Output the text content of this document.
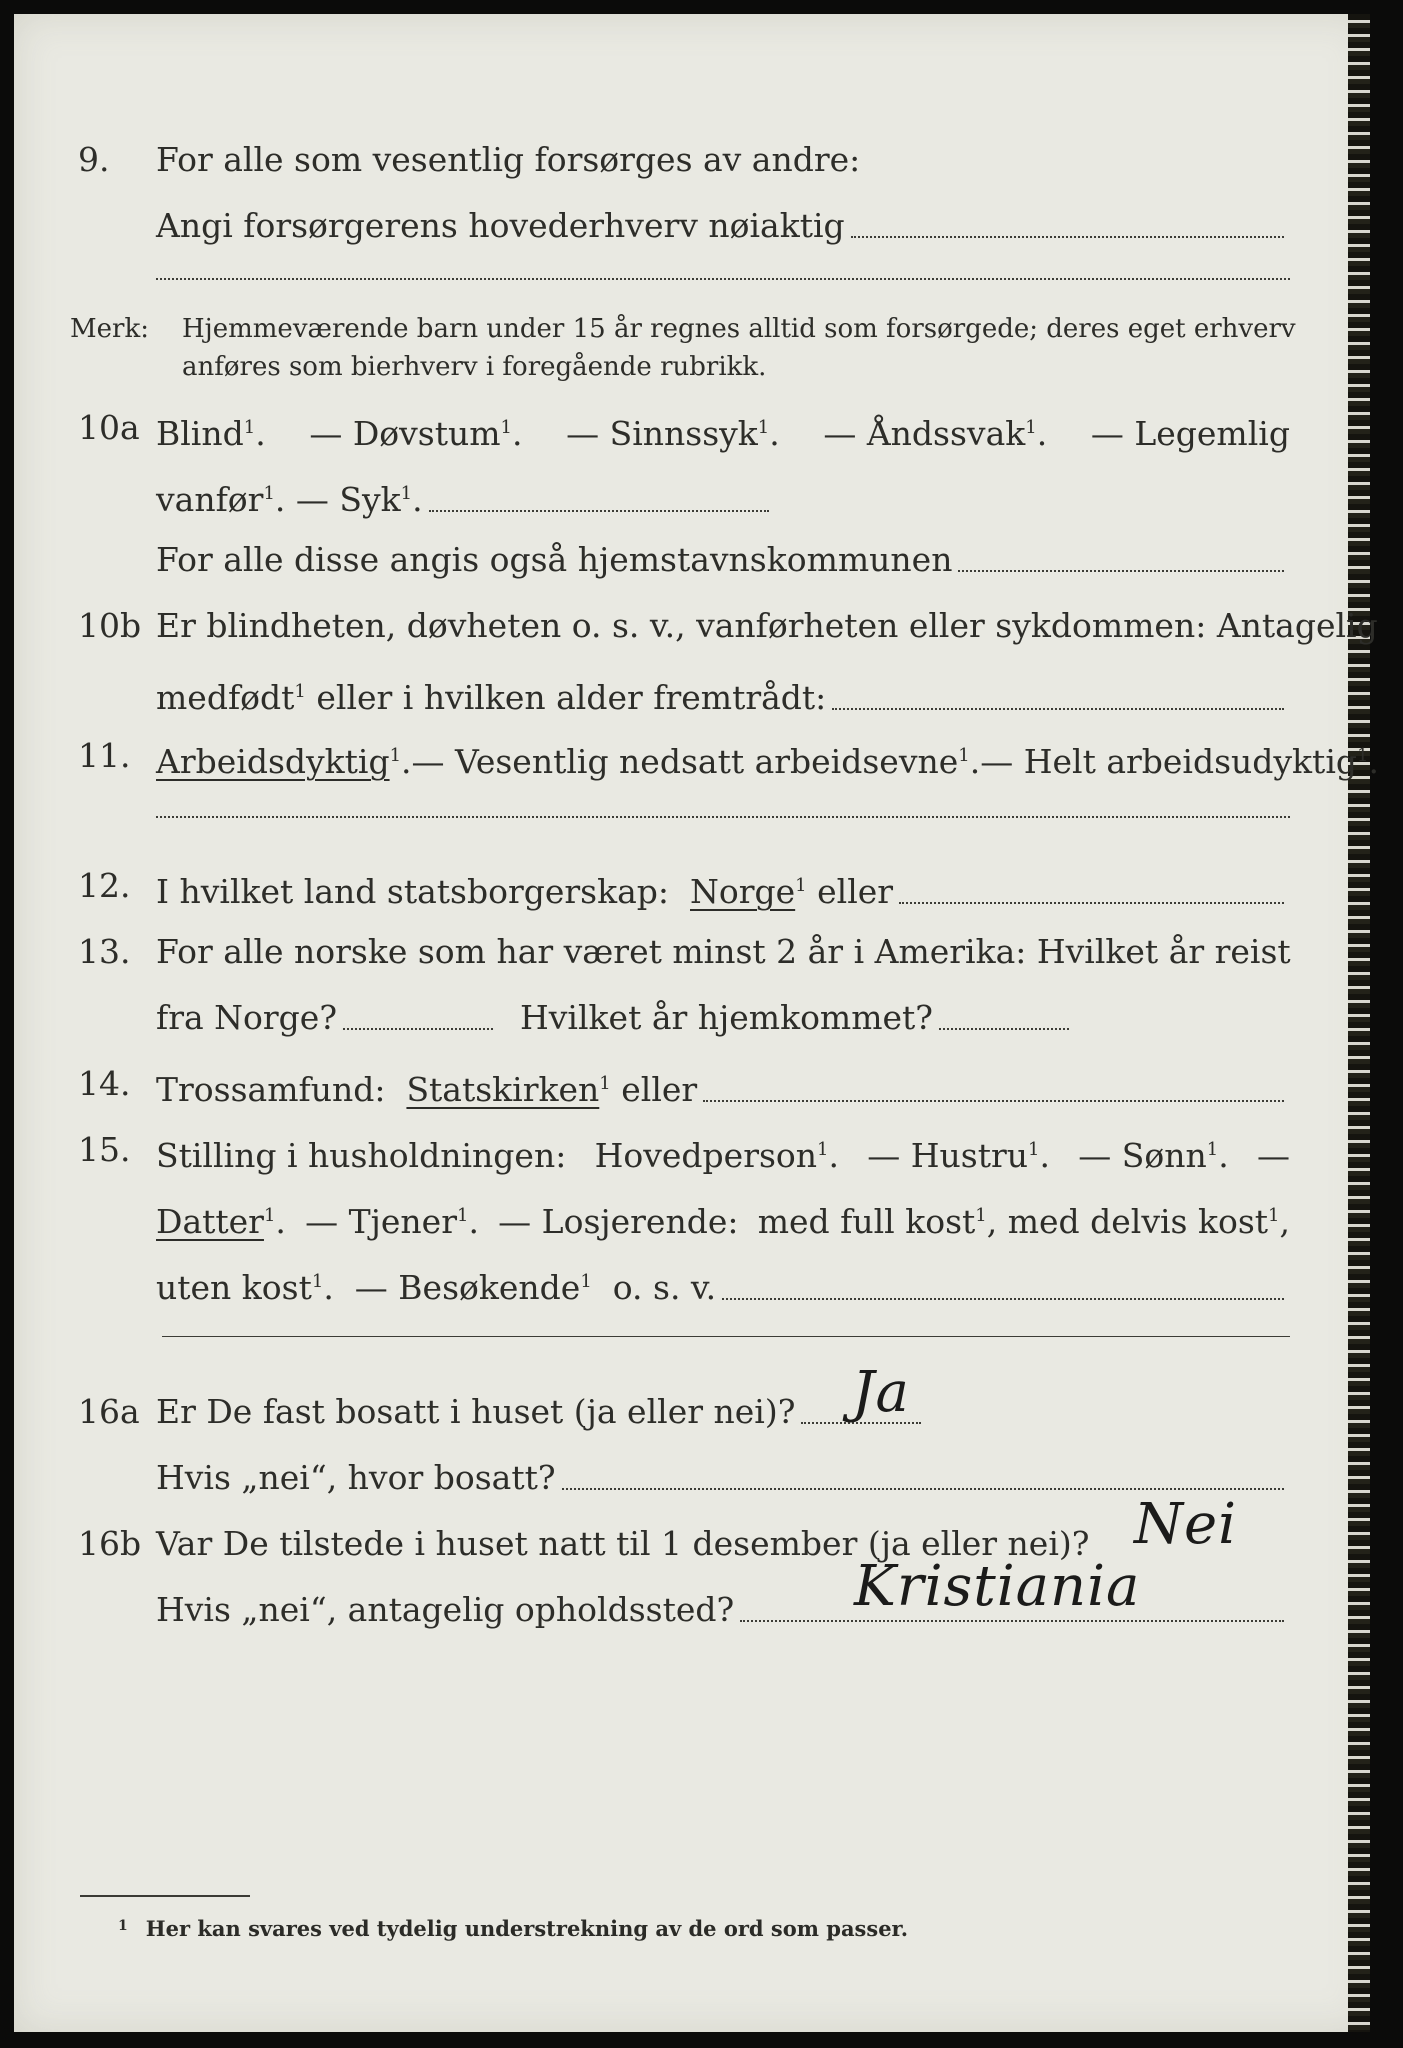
9. For alle som vesentlig forsørges av andre:
Angi forsørgerens hovederhverv nøiaktig
Merk: Hjemmeværende barn under 15 år regnes alltid som forsørgede; deres eget erhverv
anføres som bierhverv i foregående rubrikk.
10a Blind$^1$. — Døvstum$^1$. — Sinnssyk$^1$. — Åndssvak$^1$. — Legemlig
vanfør$^1$.
— Syk$^1$.
For alle disse angis også hjemstavnskommunen
10b Er blindheten, døvheten o. s. v., vanførheten eller sykdommen: Antagelig
medfødt$^1$
eller i hvilken alder fremtrådt:
11. Arbeidsdyktig$^1$. — Vesentlig nedsatt arbeidsevne$^1$. — Helt arbeidsudyktig$^1$.
12. I hvilket land statsborgerskap:
Norge$^1$
eller
13. For alle norske som har været minst 2 år i Amerika: Hvilket år reist
fra Norge?
	Hvilket år hjemkommet?
14. Trossamfund:
Statskirken$^1$
eller
15. Stilling i husholdningen: Hovedperson$^1$. — Hustru$^1$. — Sønn$^1$. —
Datter$^1$. — Tjener$^1$. — Losjerende: med full kost$^1$, med delvis kost$^1$,
uten kost$^1$.
— Besøkende$^1$
o. s. v.
16a Er De fast bosatt i huset (ja eller nei)? Ja
Hvis „nei“, hvor bosatt?
16b Var De tilstede i huset natt til 1 desember (ja eller nei)? Nei
Hvis „nei“, antagelig opholdssted? Kristiania
$^1$ Her kan svares ved tydelig understrekning av de ord som passer.
